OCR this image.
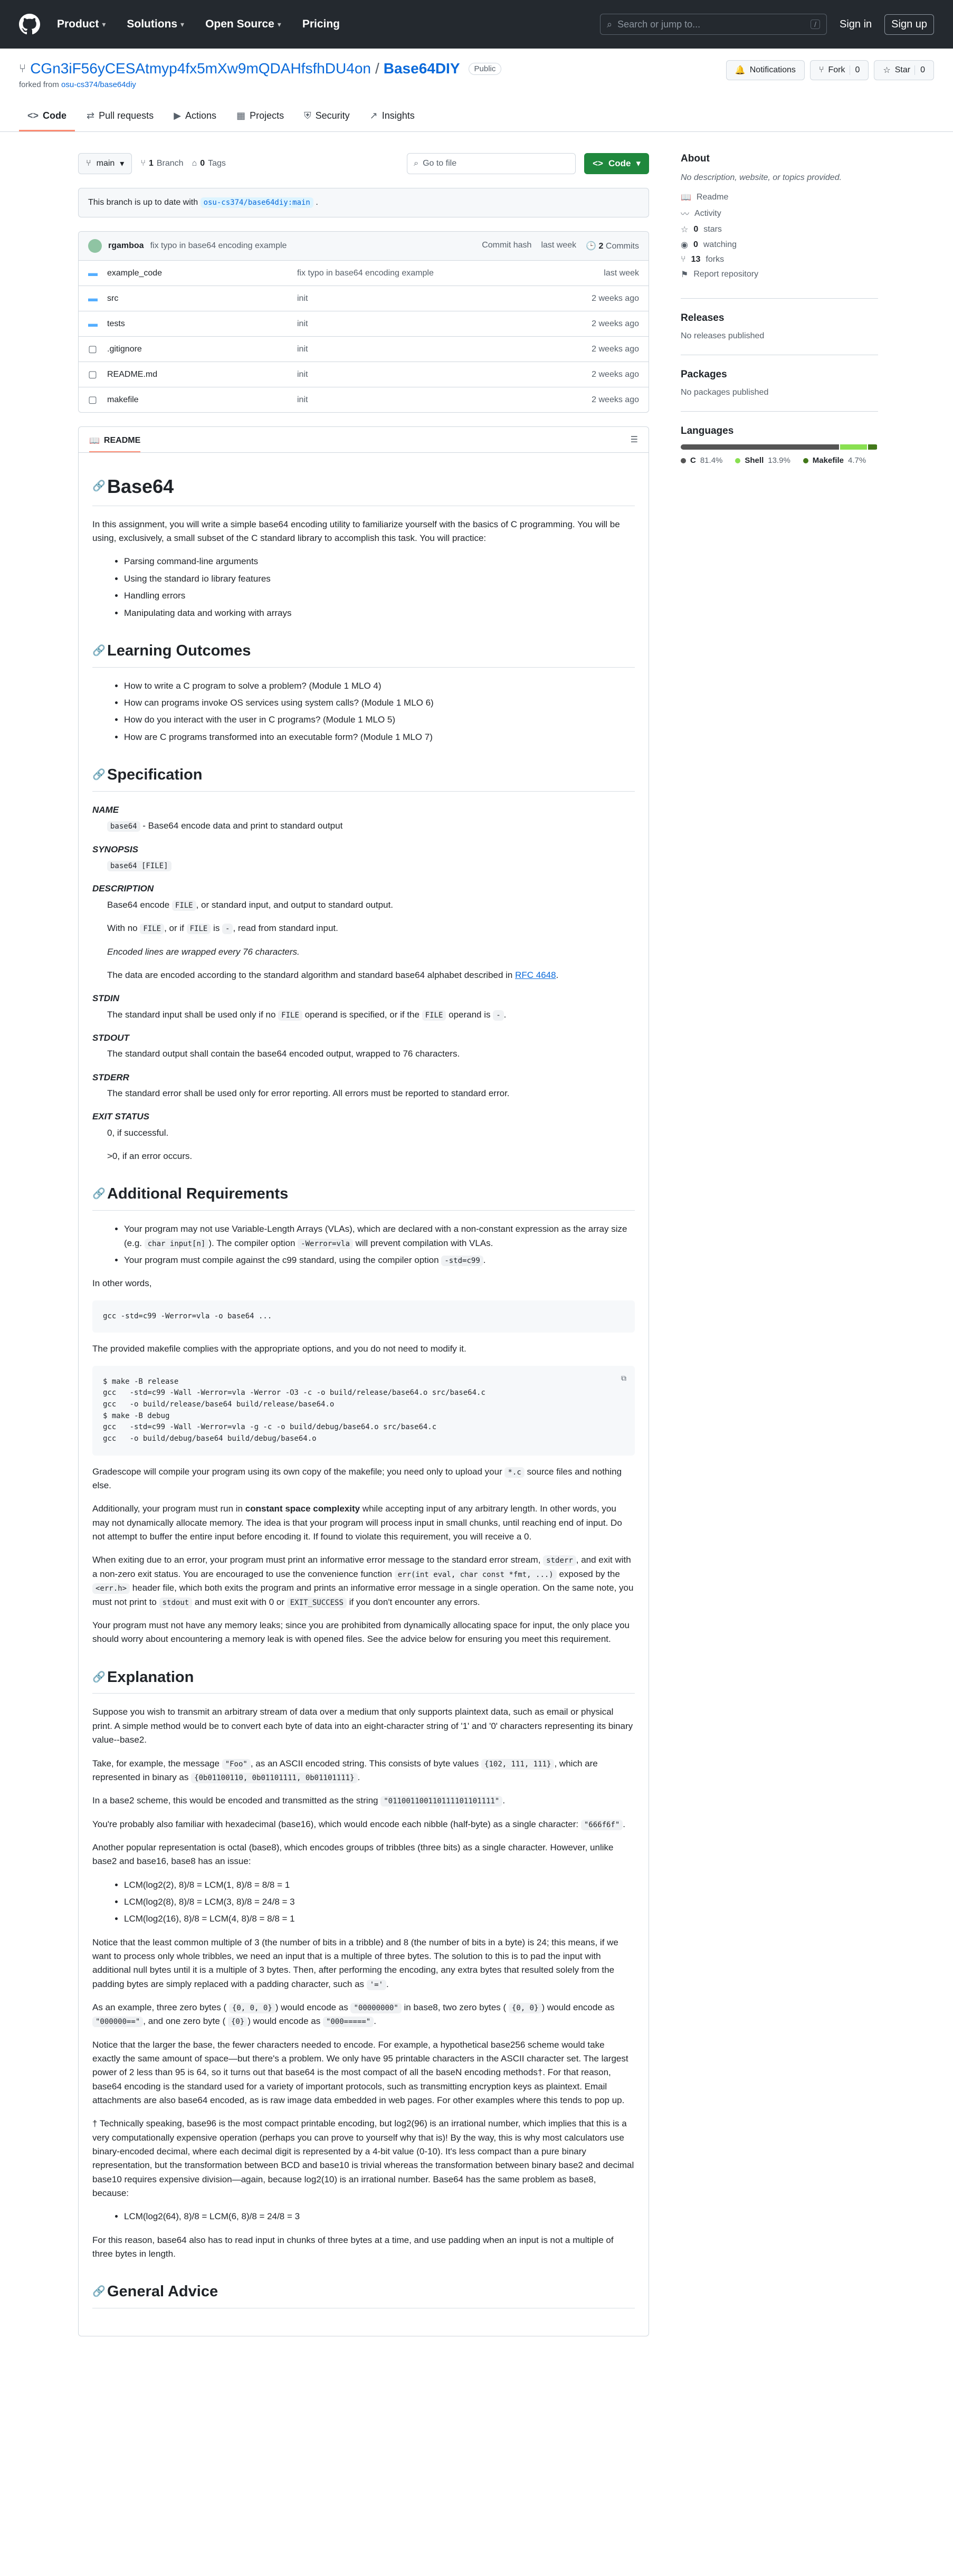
Product ▾ Solutions ▾ Open Source ▾ Pricing	⌕ Search or jump to...	/	Sign in	Sign up
⑂ CGn3iF56yCESAtmyp4fx5mXw9mQDAHfsfhDU4on / Base64DIY	Public
forked from osu-cs374/base64diy
🔔 Notifications	⑂ Fork	0	☆ Star	0
<> Code ⇄ Pull requests ▶ Actions ▦ Projects ⛨ Security ↗ Insights
⑂ main ▾ ⑂ 1 Branch ⌂ 0 Tags	⌕ Go to file	<> Code ▾
This branch is up to date with osu-cs374/base64diy:main .
rgamboa fix typo in base64 encoding example	Commit hash last week 🕒 2 Commits
▬ example_code	fix typo in base64 encoding example	last week
▬ src	init	2 weeks ago
▬ tests	init	2 weeks ago
▢	.gitignore	init	2 weeks ago
▢	README.md	init	2 weeks ago
▢	makefile	init	2 weeks ago
📖 README	☰
🔗 Base64

In this assignment, you will write a simple base64 encoding utility to familiarize yourself with the basics of C programming. You will be using, exclusively, a small subset of the C standard library to accomplish this task. You will practice:

• Parsing command-line arguments
• Using the standard io library features
• Handling errors
• Manipulating data and working with arrays
🔗 Learning Outcomes
• How to write a C program to solve a problem? (Module 1 MLO 4)
• How can programs invoke OS services using system calls? (Module 1 MLO 6)
• How do you interact with the user in C programs? (Module 1 MLO 5)
• How are C programs transformed into an executable form? (Module 1 MLO 7)
🔗 Specification
NAME

base64 - Base64 encode data and print to standard output

SYNOPSIS

base64 [FILE]

DESCRIPTION

Base64 encode FILE , or standard input, and output to standard output.

With no FILE , or if FILE is - , read from standard input.

Encoded lines are wrapped every 76 characters.

The data are encoded according to the standard algorithm and standard base64 alphabet described in RFC 4648.

STDIN

The standard input shall be used only if no FILE operand is specified, or if the FILE operand is - .

STDOUT

The standard output shall contain the base64 encoded output, wrapped to 76 characters.

STDERR

The standard error shall be used only for error reporting. All errors must be reported to standard error.

EXIT STATUS

0, if successful.

>0, if an error occurs.

🔗 Additional Requirements
• Your program may not use Variable-Length Arrays (VLAs), which are declared with a non-constant expression as the array size (e.g. char input[n] ). The compiler option -Werror=vla will prevent compilation with VLAs.
• Your program must compile against the c99 standard, using the compiler option -std=c99 .

In other words,

gcc -std=c99 -Werror=vla -o base64 ...

The provided makefile complies with the appropriate options, and you do not need to modify it.

⧉
$ make -B release
gcc   -std=c99 -Wall -Werror=vla -Werror -O3 -c -o build/release/base64.o src/base64.c
gcc   -o build/release/base64 build/release/base64.o
$ make -B debug
gcc   -std=c99 -Wall -Werror=vla -g -c -o build/debug/base64.o src/base64.c
gcc   -o build/debug/base64 build/debug/base64.o

Gradescope will compile your program using its own copy of the makefile; you need only to upload your *.c source files and nothing else.

Additionally, your program must run in constant space complexity while accepting input of any arbitrary length. In other words, you may not dynamically allocate memory. The idea is that your program will process input in small chunks, until reaching end of input. Do not attempt to buffer the entire input before encoding it. If found to violate this requirement, you will receive a 0.

When exiting due to an error, your program must print an informative error message to the standard error stream, stderr , and exit with a non-zero exit status. You are encouraged to use the convenience function err(int eval, char const *fmt, ...) exposed by the <err.h> header file, which both exits the program and prints an informative error message in a single operation. On the same note, you must not print to stdout and must exit with 0 or EXIT_SUCCESS if you don't encounter any errors.

Your program must not have any memory leaks; since you are prohibited from dynamically allocating space for input, the only place you should worry about encountering a memory leak is with opened files. See the advice below for ensuring you meet this requirement.

🔗 Explanation

Suppose you wish to transmit an arbitrary stream of data over a medium that only supports plaintext data, such as email or physical print. A simple method would be to convert each byte of data into an eight-character string of '1' and '0' characters representing its binary value--base2.

Take, for example, the message "Foo" , as an ASCII encoded string. This consists of byte values {102, 111, 111} , which are represented in binary as {0b01100110, 0b01101111, 0b01101111} .

In a base2 scheme, this would be encoded and transmitted as the string "011001100110111101101111" .

You're probably also familiar with hexadecimal (base16), which would encode each nibble (half-byte) as a single character: "666f6f" .

Another popular representation is octal (base8), which encodes groups of tribbles (three bits) as a single character. However, unlike base2 and base16, base8 has an issue:

• LCM(log2(2), 8)/8 = LCM(1, 8)/8 = 8/8 = 1
• LCM(log2(8), 8)/8 = LCM(3, 8)/8 = 24/8 = 3
• LCM(log2(16), 8)/8 = LCM(4, 8)/8 = 8/8 = 1

Notice that the least common multiple of 3 (the number of bits in a tribble) and 8 (the number of bits in a byte) is 24; this means, if we want to process only whole tribbles, we need an input that is a multiple of three bytes. The solution to this is to pad the input with additional null bytes until it is a multiple of 3 bytes. Then, after performing the encoding, any extra bytes that resulted solely from the padding bytes are simply replaced with a padding character, such as '=' .

As an example, three zero bytes ( {0, 0, 0} ) would encode as "00000000" in base8, two zero bytes ( {0, 0} ) would encode as "000000==" , and one zero byte ( {0} ) would encode as "000=====" .

Notice that the larger the base, the fewer characters needed to encode. For example, a hypothetical base256 scheme would take exactly the same amount of space—but there's a problem. We only have 95 printable characters in the ASCII character set. The largest power of 2 less than 95 is 64, so it turns out that base64 is the most compact of all the baseN encoding methods†. For that reason, base64 encoding is the standard used for a variety of important protocols, such as transmitting encryption keys as plaintext. Email attachments are also base64 encoded, as is raw image data embedded in web pages. For other examples where this tends to pop up.

† Technically speaking, base96 is the most compact printable encoding, but log2(96) is an irrational number, which implies that this is a very computationally expensive operation (perhaps you can prove to yourself why that is)! By the way, this is why most calculators use binary-encoded decimal, where each decimal digit is represented by a 4-bit value (0-10). It's less compact than a pure binary representation, but the transformation between BCD and base10 is trivial whereas the transformation between binary base2 and decimal base10 requires expensive division—again, because log2(10) is an irrational number. Base64 has the same problem as base8, because:

• LCM(log2(64), 8)/8 = LCM(6, 8)/8 = 24/8 = 3

For this reason, base64 also has to read input in chunks of three bytes at a time, and use padding when an input is not a multiple of three bytes in length.

🔗 General Advice
About
No description, website, or topics provided.
📖 Readme
〰 Activity
☆ 0 stars
◉ 0 watching
⑂ 13 forks
⚑ Report repository
Releases
No releases published
Packages
No packages published
Languages
C 81.4%	Shell 13.9%	Makefile 4.7%
